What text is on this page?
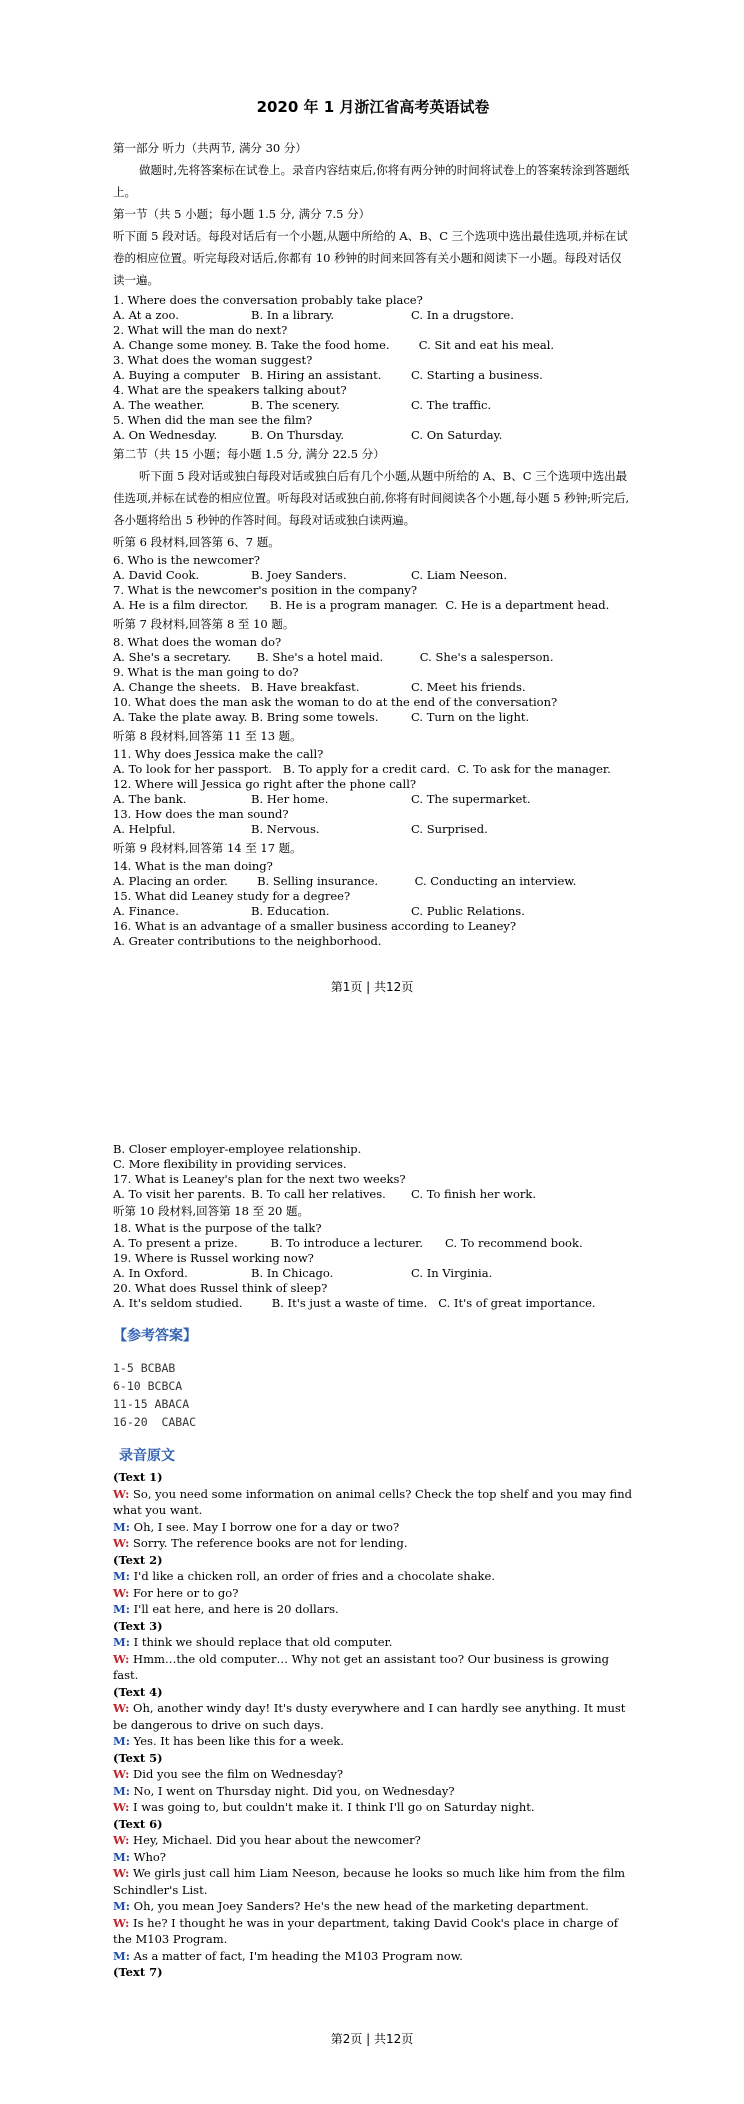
2020 年 1 月浙江省高考英语试卷
第一部分 听力（共两节, 满分 30 分）
做题时,先将答案标在试卷上。录音内容结束后,你将有两分钟的时间将试卷上的答案转涂到答题纸上。
第一节（共 5 小题；每小题 1.5 分, 满分 7.5 分）
听下面 5 段对话。每段对话后有一个小题,从题中所给的 A、B、C 三个选项中选出最佳选项,并标在试卷的相应位置。听完每段对话后,你都有 10 秒钟的时间来回答有关小题和阅读下一小题。每段对话仅读一遍。
1. Where does the conversation probably take place?
A. At a zoo.	B. In a library.	C. In a drugstore.
2. What will the man do next?
A. Change some money. B. Take the food home.        C. Sit and eat his meal.
3. What does the woman suggest?
A. Buying a computer B. Hiring an assistant.	C. Starting a business.
4. What are the speakers talking about?
A. The weather.	B. The scenery.	C. The traffic.
5. When did the man see the film?
A. On Wednesday.	B. On Thursday.	C. On Saturday.
第二节（共 15 小题；每小题 1.5 分, 满分 22.5 分）
听下面 5 段对话或独白每段对话或独白后有几个小题,从题中所给的 A、B、C 三个选项中选出最佳选项,并标在试卷的相应位置。听每段对话或独白前,你将有时间阅读各个小题,每小题 5 秒钟;听完后,各小题将给出 5 秒钟的作答时间。每段对话或独白读两遍。
听第 6 段材料,回答第 6、7 题。
6. Who is the newcomer?
A. David Cook.	B. Joey Sanders.	C. Liam Neeson.
7. What is the newcomer's position in the company?
A. He is a film director.      B. He is a program manager.  C. He is a department head.
听第 7 段材料,回答第 8 至 10 题。
8. What does the woman do?
A. She's a secretary.       B. She's a hotel maid.          C. She's a salesperson.
9. What is the man going to do?
A. Change the sheets. B. Have breakfast.	C. Meet his friends.
10. What does the man ask the woman to do at the end of the conversation?
A. Take the plate away. B. Bring some towels.	C. Turn on the light.
听第 8 段材料,回答第 11 至 13 题。
11. Why does Jessica make the call?
A. To look for her passport.   B. To apply for a credit card.  C. To ask for the manager.
12. Where will Jessica go right after the phone call?
A. The bank.	B. Her home.	C. The supermarket.
13. How does the man sound?
A. Helpful.	B. Nervous.	C. Surprised.
听第 9 段材料,回答第 14 至 17 题。
14. What is the man doing?
A. Placing an order.        B. Selling insurance.          C. Conducting an interview.
15. What did Leaney study for a degree?
A. Finance.	B. Education.	C. Public Relations.
16. What is an advantage of a smaller business according to Leaney?
A. Greater contributions to the neighborhood.
第1页 | 共12页
B. Closer employer-employee relationship.
C. More flexibility in providing services.
17. What is Leaney's plan for the next two weeks?
A. To visit her parents. B. To call her relatives. C. To finish her work.
听第 10 段材料,回答第 18 至 20 题。
18. What is the purpose of the talk?
A. To present a prize.         B. To introduce a lecturer.      C. To recommend book.
19. Where is Russel working now?
A. In Oxford.	B. In Chicago.	C. In Virginia.
20. What does Russel think of sleep?
A. It's seldom studied.        B. It's just a waste of time.   C. It's of great importance.
【参考答案】
1-5 BCBAB
6-10 BCBCA
11-15 ABACA
16-20  CABAC
录音原文
(Text 1)
W: So, you need some information on animal cells? Check the top shelf and you may find what you want.
M: Oh, I see. May I borrow one for a day or two?
W: Sorry. The reference books are not for lending.
(Text 2)
M: I'd like a chicken roll, an order of fries and a chocolate shake.
W: For here or to go?
M: I'll eat here, and here is 20 dollars.
(Text 3)
M: I think we should replace that old computer.
W: Hmm…the old computer… Why not get an assistant too? Our business is growing fast.
(Text 4)
W: Oh, another windy day! It's dusty everywhere and I can hardly see anything. It must be dangerous to drive on such days.
M: Yes. It has been like this for a week.
(Text 5)
W: Did you see the film on Wednesday?
M: No, I went on Thursday night. Did you, on Wednesday?
W: I was going to, but couldn't make it. I think I'll go on Saturday night.
(Text 6)
W: Hey, Michael. Did you hear about the newcomer?
M: Who?
W: We girls just call him Liam Neeson, because he looks so much like him from the film Schindler's List.
M: Oh, you mean Joey Sanders? He's the new head of the marketing department.
W: Is he? I thought he was in your department, taking David Cook's place in charge of the M103 Program.
M: As a matter of fact, I'm heading the M103 Program now.
(Text 7)
第2页 | 共12页
